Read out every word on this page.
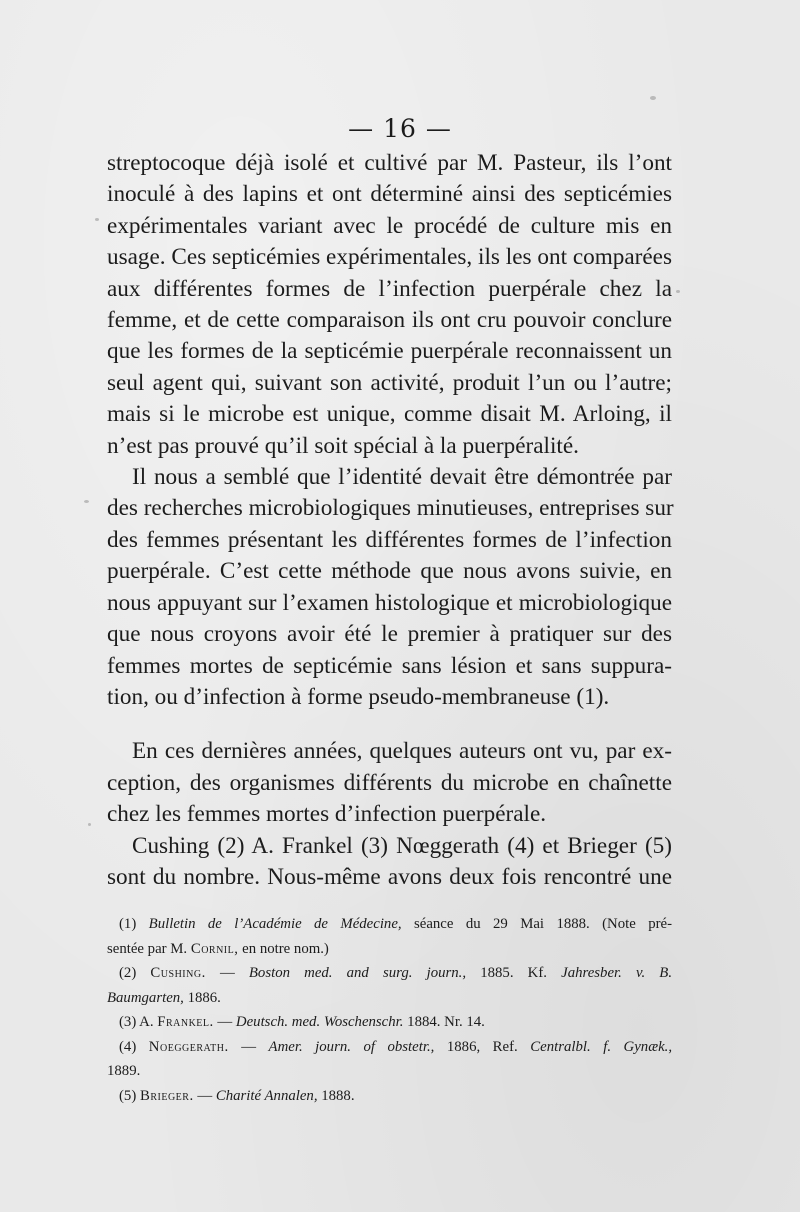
— 16 —

streptocoque déjà isolé et cultivé par M. Pasteur, ils l’ont
inoculé à des lapins et ont déterminé ainsi des septicémies
expérimentales variant avec le procédé de culture mis en
usage. Ces septicémies expérimentales, ils les ont comparées
aux différentes formes de l’infection puerpérale chez la
femme, et de cette comparaison ils ont cru pouvoir conclure
que les formes de la septicémie puerpérale reconnaissent un
seul agent qui, suivant son activité, produit l’un ou l’autre;
mais si le microbe est unique, comme disait M. Arloing, il
n’est pas prouvé qu’il soit spécial à la puerpéralité.

Il nous a semblé que l’identité devait être démontrée par
des recherches microbiologiques minutieuses, entreprises sur
des femmes présentant les différentes formes de l’infection
puerpérale. C’est cette méthode que nous avons suivie, en
nous appuyant sur l’examen histologique et microbiologique
que nous croyons avoir été le premier à pratiquer sur des
femmes mortes de septicémie sans lésion et sans suppura-
tion, ou d’infection à forme pseudo-membraneuse (1).

En ces dernières années, quelques auteurs ont vu, par ex-
ception, des organismes différents du microbe en chaînette
chez les femmes mortes d’infection puerpérale.

Cushing (2) A. Frankel (3) Nœggerath (4) et Brieger (5)
sont du nombre. Nous-même avons deux fois rencontré une

(1) Bulletin de l’Académie de Médecine, séance du 29 Mai 1888. (Note pré-
sentée par M. Cornil, en notre nom.)
(2) Cushing. — Boston med. and surg. journ., 1885. Kf. Jahresber. v. B.
Baumgarten, 1886.
(3) A. Frankel. — Deutsch. med. Woschenschr. 1884. Nr. 14.
(4) Noeggerath. — Amer. journ. of obstetr., 1886, Ref. Centralbl. f. Gynæk.,
1889.
(5) Brieger. — Charité Annalen, 1888.
